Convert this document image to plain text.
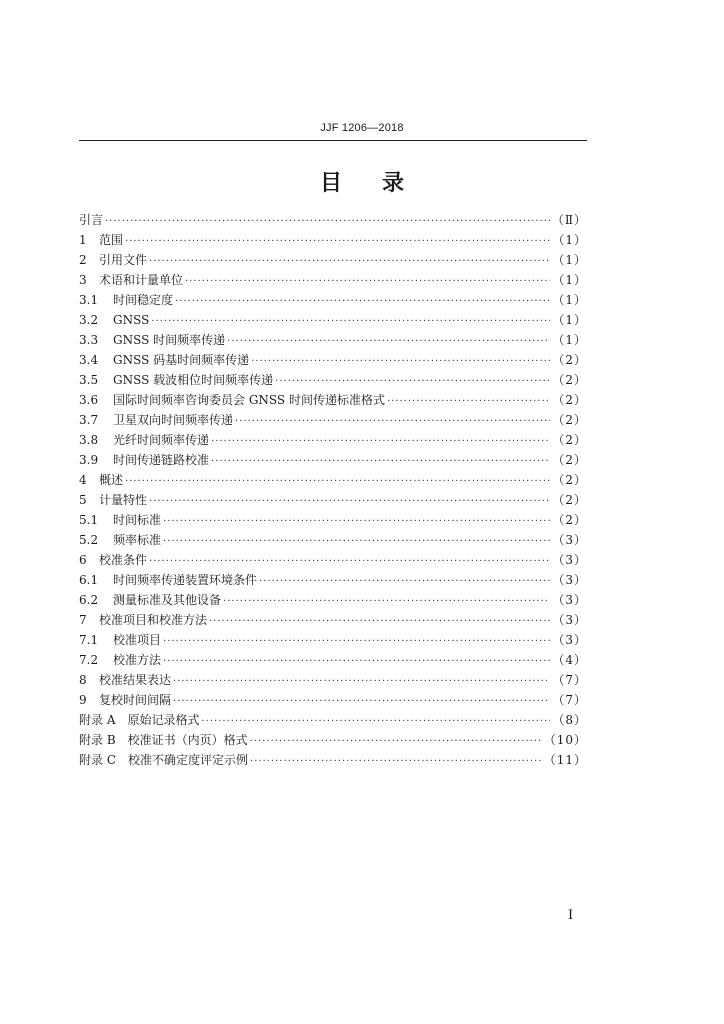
JJF 1206—2018
目 录
引言 ·····	（Ⅱ）
1 范围 ·····	（1）
2 引用文件 ·····	（1）
3 术语和计量单位 ·····	（1）
3.1 时间稳定度 ·····	（1）
3.2 GNSS ·····	（1）
3.3 GNSS 时间频率传递 ·····	（1）
3.4 GNSS 码基时间频率传递 ·····	（2）
3.5 GNSS 载波相位时间频率传递 ·····	（2）
3.6 国际时间频率咨询委员会 GNSS 时间传递标准格式 ·····	（2）
3.7 卫星双向时间频率传递 ·····	（2）
3.8 光纤时间频率传递 ·····	（2）
3.9 时间传递链路校准 ·····	（2）
4 概述 ·····	（2）
5 计量特性 ·····	（2）
5.1 时间标准 ·····	（2）
5.2 频率标准 ·····	（3）
6 校准条件 ·····	（3）
6.1 时间频率传递装置环境条件 ·····	（3）
6.2 测量标准及其他设备 ·····	（3）
7 校准项目和校准方法 ·····	（3）
7.1 校准项目 ·····	（3）
7.2 校准方法 ·····	（4）
8 校准结果表达 ·····	（7）
9 复校时间间隔 ·····	（7）
附录 A 原始记录格式 ·····	（8）
附录 B 校准证书（内页）格式 ·····	（10）
附录 C 校准不确定度评定示例 ·····	（11）
Ⅰ
